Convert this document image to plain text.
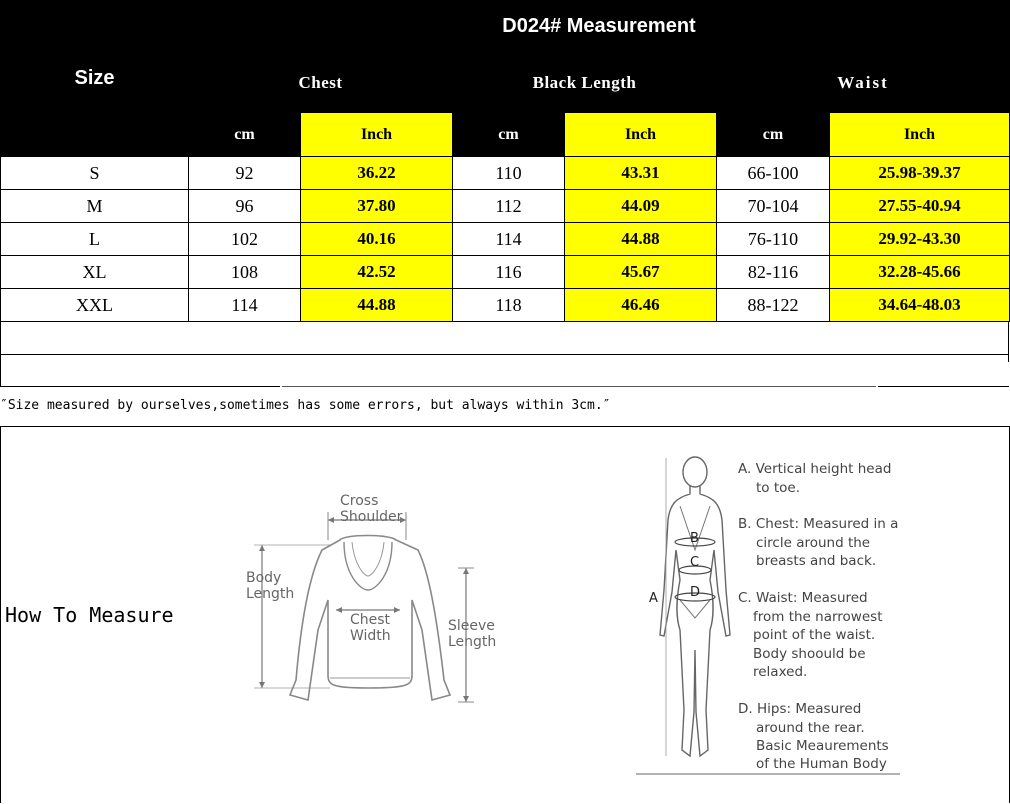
Size	D024# Measurement					
	Chest		Black Length		Waist	
	cm	Inch	cm	Inch	cm	Inch
S	92	36.22	110	43.31	66-100	25.98-39.37
M	96	37.80	112	44.09	70-104	27.55-40.94
L	102	40.16	114	44.88	76-110	29.92-43.30
XL	108	42.52	116	45.67	82-116	32.28-45.66
XXL	114	44.88	118	46.46	88-122	34.64-48.03
″Size measured by ourselves,sometimes has some errors, but always within 3cm.″
How To Measure
Cross
Shoulder
Body
Length
Chest
Width
Sleeve
Length
A
B
C
D
A. Vertical height head
to toe.
B. Chest: Measured in a
circle around the
breasts and back.
C. Waist: Measured
from the narrowest
point of the waist.
Body shoould be
relaxed.
D. Hips: Measured
around the rear.
Basic Meaurements
of the Human Body
